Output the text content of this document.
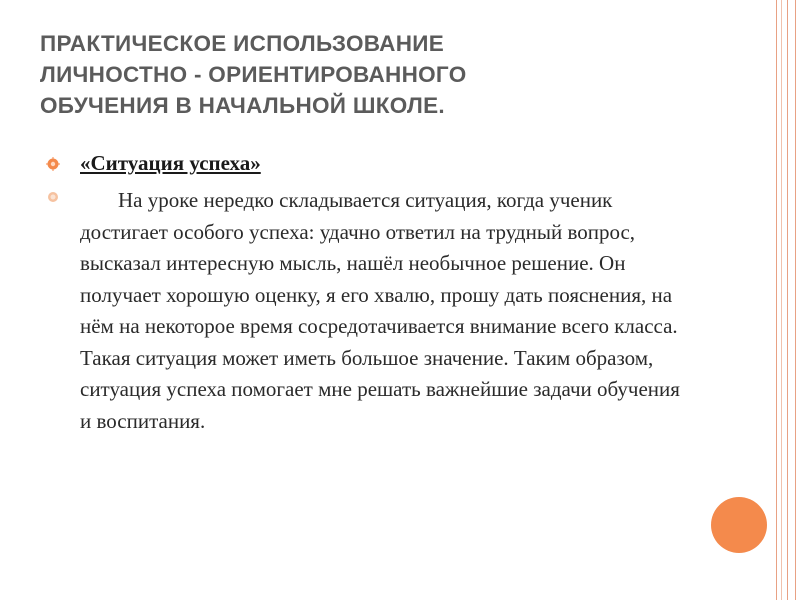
ПРАКТИЧЕСКОЕ ИСПОЛЬЗОВАНИЕ
ЛИЧНОСТНО - ОРИЕНТИРОВАННОГО
ОБУЧЕНИЯ В НАЧАЛЬНОЙ ШКОЛЕ.
«Ситуация успеха»

На уроке нередко складывается ситуация, когда ученик достигает особого успеха: удачно ответил на трудный вопрос, высказал интересную мысль, нашёл необычное решение. Он получает хорошую оценку, я его хвалю, прошу дать пояснения, на нём на некоторое время сосредотачивается внимание всего класса. Такая ситуация может иметь большое значение. Таким образом, ситуация успеха помогает мне решать важнейшие задачи обучения и воспитания.
